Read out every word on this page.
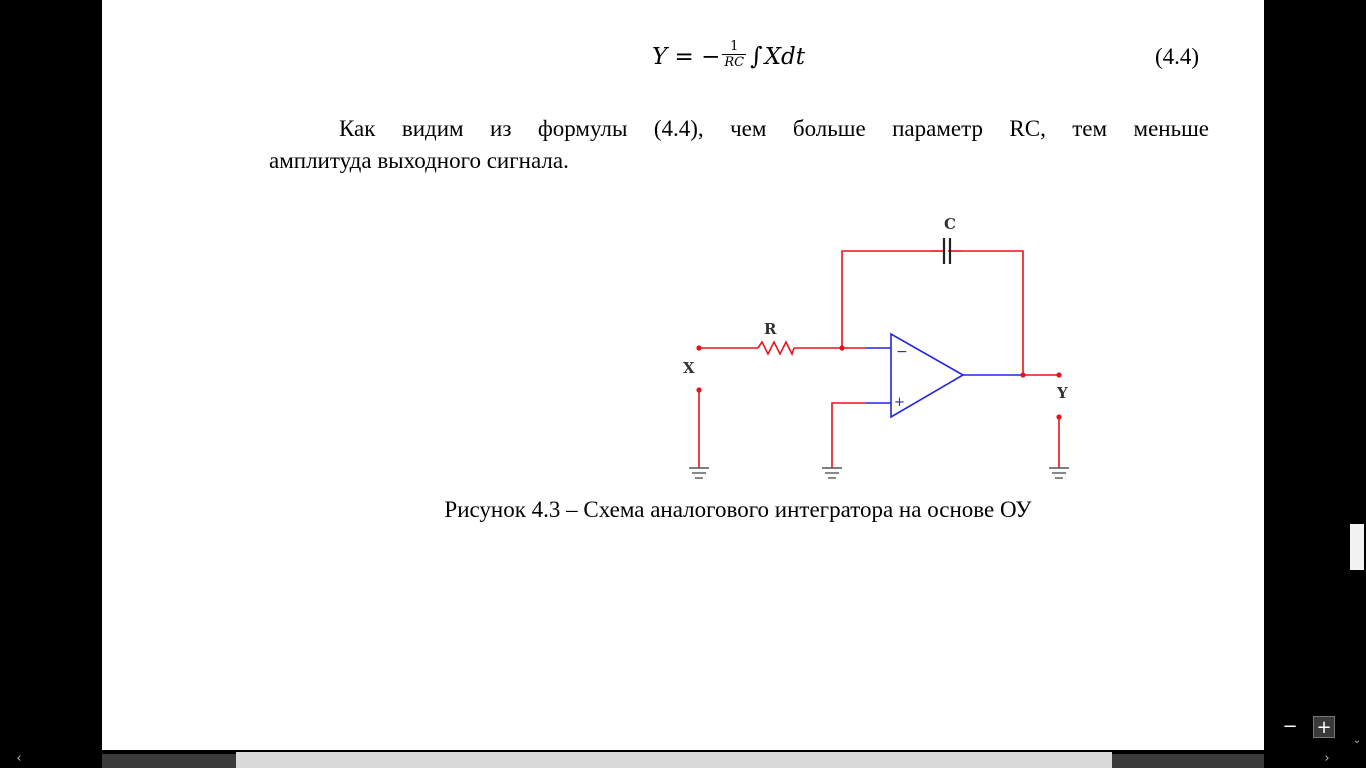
Y = − $\frac{1}{RC} \int Xdt$	(4.4)
Как видим из формулы (4.4), чем больше параметр RC, тем меньше
амплитуда выходного сигнала.
−
+
C
R
X
Y
Рисунок 4.3 – Схема аналогового интегратора на основе ОУ
⌄
− +
‹	›
